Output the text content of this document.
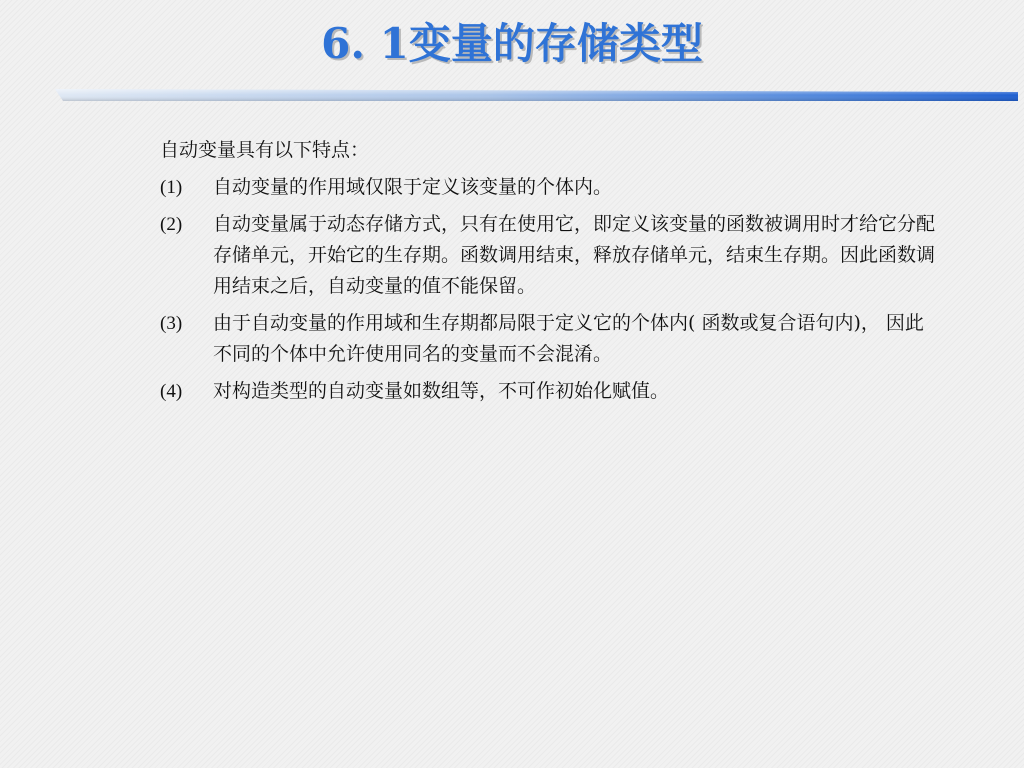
6. 1变量的存储类型
自动变量具有以下特点：
(1)	自动变量的作用域仅限于定义该变量的个体内。
(2)	自动变量属于动态存储方式，只有在使用它，即定义该变量的函数被调用时才给它分配存储单元，开始它的生存期。函数调用结束，释放存储单元，结束生存期。因此函数调用结束之后，自动变量的值不能保留。
(3)	由于自动变量的作用域和生存期都局限于定义它的个体内( 函数或复合语句内)， 因此不同的个体中允许使用同名的变量而不会混淆。
(4)	对构造类型的自动变量如数组等，不可作初始化赋值。
